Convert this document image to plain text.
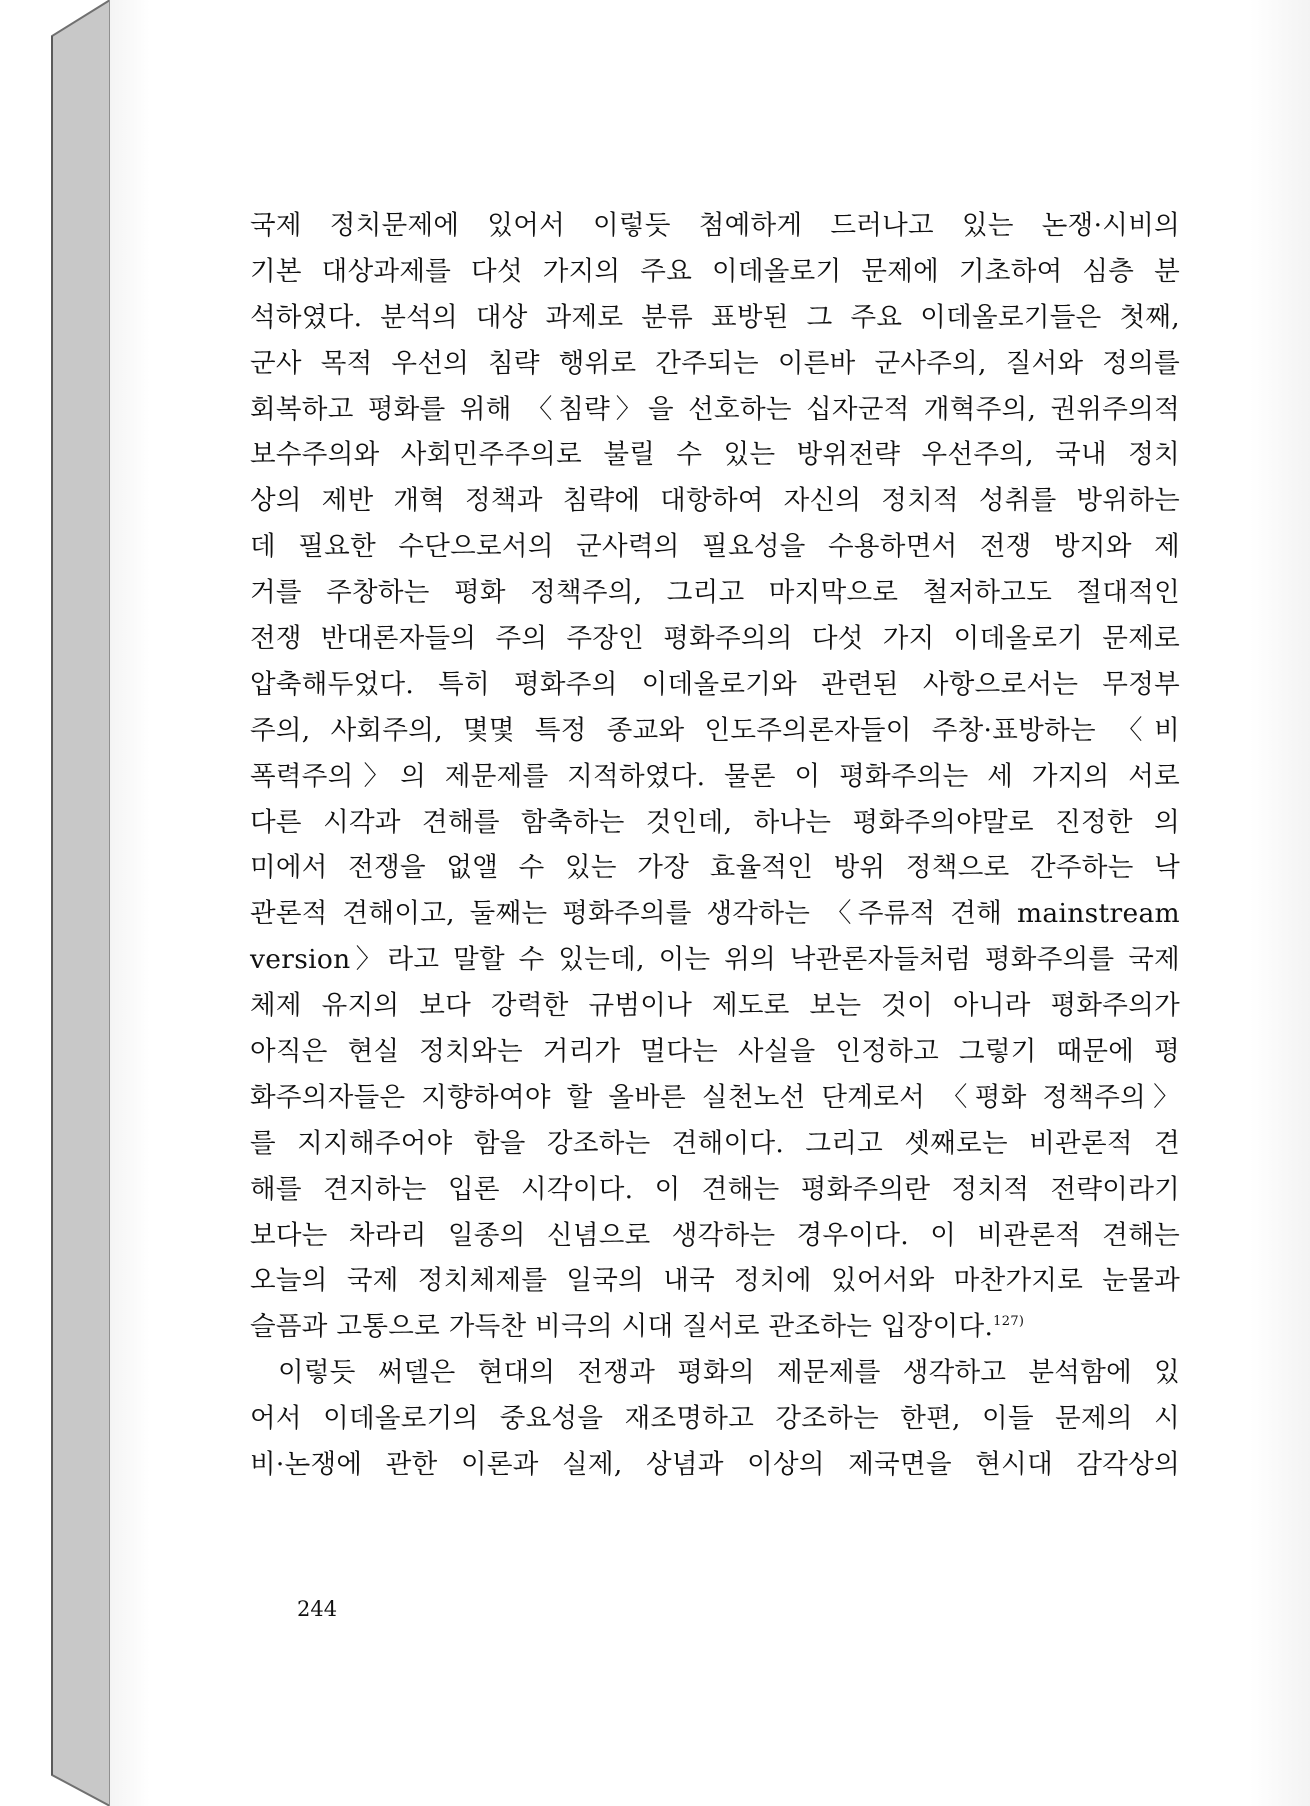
국제 정치문제에 있어서 이렇듯 첨예하게 드러나고 있는 논쟁·시비의
기본 대상과제를 다섯 가지의 주요 이데올로기 문제에 기초하여 심층 분
석하였다. 분석의 대상 과제로 분류 표방된 그 주요 이데올로기들은 첫째,
군사 목적 우선의 침략 행위로 간주되는 이른바 군사주의, 질서와 정의를
회복하고 평화를 위해 〈침략〉을 선호하는 십자군적 개혁주의, 권위주의적
보수주의와 사회민주주의로 불릴 수 있는 방위전략 우선주의, 국내 정치
상의 제반 개혁 정책과 침략에 대항하여 자신의 정치적 성취를 방위하는
데 필요한 수단으로서의 군사력의 필요성을 수용하면서 전쟁 방지와 제
거를 주창하는 평화 정책주의, 그리고 마지막으로 철저하고도 절대적인
전쟁 반대론자들의 주의 주장인 평화주의의 다섯 가지 이데올로기 문제로
압축해두었다. 특히 평화주의 이데올로기와 관련된 사항으로서는 무정부
주의, 사회주의, 몇몇 특정 종교와 인도주의론자들이 주창·표방하는 〈비
폭력주의〉의 제문제를 지적하였다. 물론 이 평화주의는 세 가지의 서로
다른 시각과 견해를 함축하는 것인데, 하나는 평화주의야말로 진정한 의
미에서 전쟁을 없앨 수 있는 가장 효율적인 방위 정책으로 간주하는 낙
관론적 견해이고, 둘째는 평화주의를 생각하는 〈주류적 견해 mainstream
version〉라고 말할 수 있는데, 이는 위의 낙관론자들처럼 평화주의를 국제
체제 유지의 보다 강력한 규범이나 제도로 보는 것이 아니라 평화주의가
아직은 현실 정치와는 거리가 멀다는 사실을 인정하고 그렇기 때문에 평
화주의자들은 지향하여야 할 올바른 실천노선 단계로서 〈평화 정책주의〉
를 지지해주어야 함을 강조하는 견해이다. 그리고 셋째로는 비관론적 견
해를 견지하는 입론 시각이다. 이 견해는 평화주의란 정치적 전략이라기
보다는 차라리 일종의 신념으로 생각하는 경우이다. 이 비관론적 견해는
오늘의 국제 정치체제를 일국의 내국 정치에 있어서와 마찬가지로 눈물과
슬픔과 고통으로 가득찬 비극의 시대 질서로 관조하는 입장이다.$^{127)}$
이렇듯 써델은 현대의 전쟁과 평화의 제문제를 생각하고 분석함에 있
어서 이데올로기의 중요성을 재조명하고 강조하는 한편, 이들 문제의 시
비·논쟁에 관한 이론과 실제, 상념과 이상의 제국면을 현시대 감각상의
244
